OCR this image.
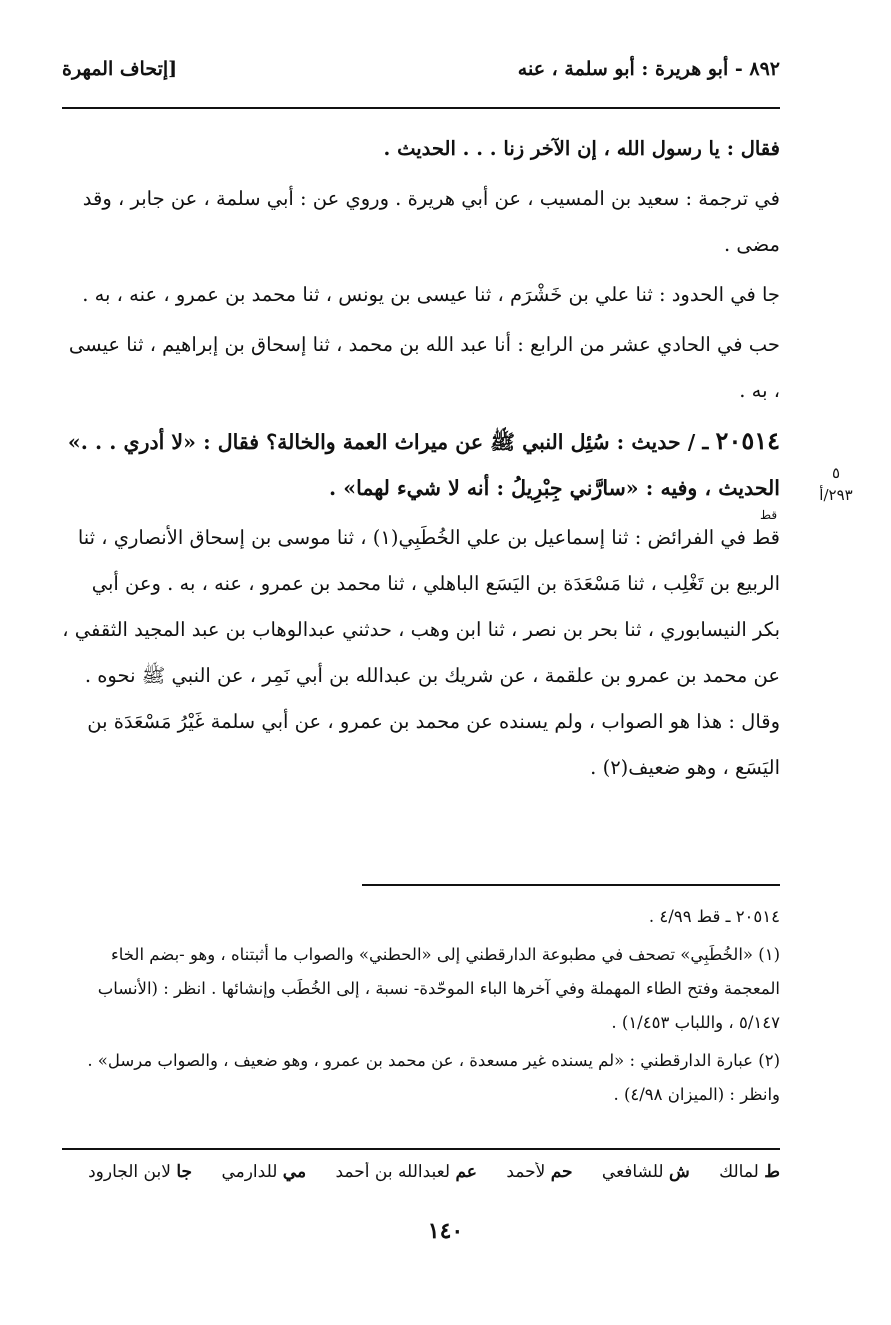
٨٩٢ - أبو هريرة : أبو سلمة ، عنه
[إتحاف المهرة

فقال : يا رسول الله ، إن الآخر زنا . . . الحديث .

في ترجمة : سعيد بن المسيب ، عن أبي هريرة . وروي عن : أبي سلمة ، عن جابر ، وقد مضى .

جا في الحدود : ثنا علي بن خَشْرَم ، ثنا عيسى بن يونس ، ثنا محمد بن عمرو ، عنه ، به .

حب في الحادي عشر من الرابع : أنا عبد الله بن محمد ، ثنا إسحاق بن إبراهيم ، ثنا عيسى ، به .

٢٠٥١٤ ـ / حديث : سُئِل النبي ﷺ عن ميراث العمة والخالة؟ فقال : «لا أدري . . .» الحديث ، وفيه : «سارَّني جِبْرِيلُ : أنه لا شيء لهما» .

قط في الفرائض : ثنا إسماعيل بن علي الخُطَبِي(١) ، ثنا موسى بن إسحاق الأنصاري ، ثنا الربيع بن تَغْلِب ، ثنا مَسْعَدَة بن اليَسَع الباهلي ، ثنا محمد بن عمرو ، عنه ، به . وعن أبي بكر النيسابوري ، ثنا بحر بن نصر ، ثنا ابن وهب ، حدثني عبدالوهاب بن عبد المجيد الثقفي ، عن محمد بن عمرو بن علقمة ، عن شريك بن عبدالله بن أبي نَمِر ، عن النبي ﷺ نحوه . وقال : هذا هو الصواب ، ولم يسنده عن محمد بن عمرو ، عن أبي سلمة غَيْرُ مَسْعَدَة بن اليَسَع ، وهو ضعيف(٢) .

قط
٥
٢٩٣/أ

٢٠٥١٤ ـ قط ٤/٩٩ .

(١) «الخُطَبِي» تصحف في مطبوعة الدارقطني إلى «الحطني» والصواب ما أثبتناه ، وهو -بضم الخاء المعجمة وفتح الطاء المهملة وفي آخرها الباء الموحّدة- نسبة ، إلى الخُطَب وإنشائها . انظر : (الأنساب ٥/١٤٧ ، واللباب ١/٤٥٣) .

(٢) عبارة الدارقطني : «لم يسنده غير مسعدة ، عن محمد بن عمرو ، وهو ضعيف ، والصواب مرسل» . وانظر : (الميزان ٤/٩٨) .

ط لمالك ش للشافعي حم لأحمد عم لعبدالله بن أحمد مي للدارمي جا لابن الجارود
١٤٠
